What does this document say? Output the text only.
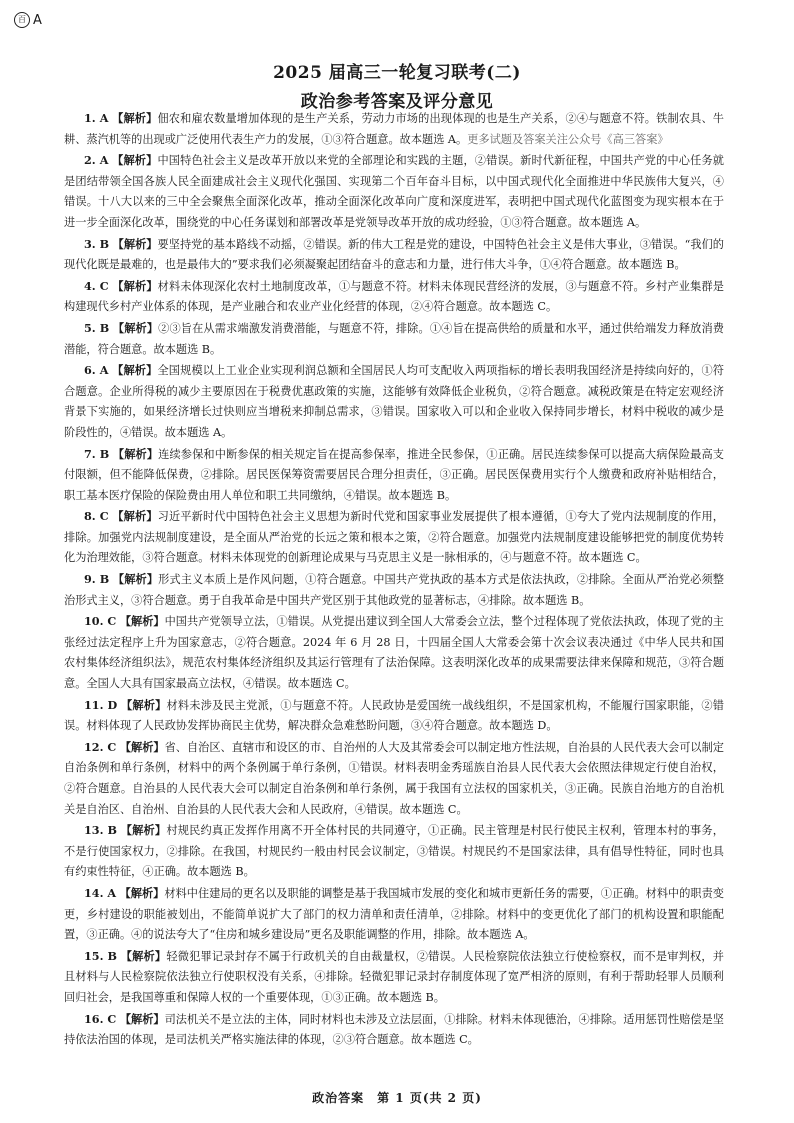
百 A

2025 届高三一轮复习联考(二)

政治参考答案及评分意见

1. A 【解析】佃农和雇农数量增加体现的是生产关系，劳动力市场的出现体现的也是生产关系，②④与题意不符。铁制农具、牛耕、蒸汽机等的出现或广泛使用代表生产力的发展，①③符合题意。故本题选 A。更多试题及答案关注公众号《高三答案》

2. A 【解析】中国特色社会主义是改革开放以来党的全部理论和实践的主题，②错误。新时代新征程，中国共产党的中心任务就是团结带领全国各族人民全面建成社会主义现代化强国、实现第二个百年奋斗目标，以中国式现代化全面推进中华民族伟大复兴，④错误。十八大以来的三中全会聚焦全面深化改革，推动全面深化改革向广度和深度进军，表明把中国式现代化蓝图变为现实根本在于进一步全面深化改革，围绕党的中心任务谋划和部署改革是党领导改革开放的成功经验，①③符合题意。故本题选 A。

3. B 【解析】要坚持党的基本路线不动摇，②错误。新的伟大工程是党的建设，中国特色社会主义是伟大事业，③错误。“我们的现代化既是最难的，也是最伟大的”要求我们必须凝聚起团结奋斗的意志和力量，进行伟大斗争，①④符合题意。故本题选 B。

4. C 【解析】材料未体现深化农村土地制度改革，①与题意不符。材料未体现民营经济的发展，③与题意不符。乡村产业集群是构建现代乡村产业体系的体现，是产业融合和农业产业化经营的体现，②④符合题意。故本题选 C。

5. B 【解析】②③旨在从需求端激发消费潜能，与题意不符，排除。①④旨在提高供给的质量和水平，通过供给端发力释放消费潜能，符合题意。故本题选 B。

6. A 【解析】全国规模以上工业企业实现利润总额和全国居民人均可支配收入两项指标的增长表明我国经济是持续向好的，①符合题意。企业所得税的减少主要原因在于税费优惠政策的实施，这能够有效降低企业税负，②符合题意。减税政策是在特定宏观经济背景下实施的，如果经济增长过快则应当增税来抑制总需求，③错误。国家收入可以和企业收入保持同步增长，材料中税收的减少是阶段性的，④错误。故本题选 A。

7. B 【解析】连续参保和中断参保的相关规定旨在提高参保率，推进全民参保，①正确。居民连续参保可以提高大病保险最高支付限额，但不能降低保费，②排除。居民医保筹资需要居民合理分担责任，③正确。居民医保费用实行个人缴费和政府补贴相结合，职工基本医疗保险的保险费由用人单位和职工共同缴纳，④错误。故本题选 B。

8. C 【解析】习近平新时代中国特色社会主义思想为新时代党和国家事业发展提供了根本遵循，①夸大了党内法规制度的作用，排除。加强党内法规制度建设，是全面从严治党的长远之策和根本之策，②符合题意。加强党内法规制度建设能够把党的制度优势转化为治理效能，③符合题意。材料未体现党的创新理论成果与马克思主义是一脉相承的，④与题意不符。故本题选 C。

9. B 【解析】形式主义本质上是作风问题，①符合题意。中国共产党执政的基本方式是依法执政，②排除。全面从严治党必须整治形式主义，③符合题意。勇于自我革命是中国共产党区别于其他政党的显著标志，④排除。故本题选 B。

10. C 【解析】中国共产党领导立法，①错误。从党提出建议到全国人大常委会立法，整个过程体现了党依法执政，体现了党的主张经过法定程序上升为国家意志，②符合题意。2024 年 6 月 28 日，十四届全国人大常委会第十次会议表决通过《中华人民共和国农村集体经济组织法》，规范农村集体经济组织及其运行管理有了法治保障。这表明深化改革的成果需要法律来保障和规范，③符合题意。全国人大具有国家最高立法权，④错误。故本题选 C。

11. D 【解析】材料未涉及民主党派，①与题意不符。人民政协是爱国统一战线组织，不是国家机构，不能履行国家职能，②错误。材料体现了人民政协发挥协商民主优势，解决群众急难愁盼问题，③④符合题意。故本题选 D。

12. C 【解析】省、自治区、直辖市和设区的市、自治州的人大及其常委会可以制定地方性法规，自治县的人民代表大会可以制定自治条例和单行条例，材料中的两个条例属于单行条例，①错误。材料表明金秀瑶族自治县人民代表大会依照法律规定行使自治权，②符合题意。自治县的人民代表大会可以制定自治条例和单行条例，属于我国有立法权的国家机关，③正确。民族自治地方的自治机关是自治区、自治州、自治县的人民代表大会和人民政府，④错误。故本题选 C。

13. B 【解析】村规民约真正发挥作用离不开全体村民的共同遵守，①正确。民主管理是村民行使民主权利，管理本村的事务，不是行使国家权力，②排除。在我国，村规民约一般由村民会议制定，③错误。村规民约不是国家法律，具有倡导性特征，同时也具有约束性特征，④正确。故本题选 B。

14. A 【解析】材料中住建局的更名以及职能的调整是基于我国城市发展的变化和城市更新任务的需要，①正确。材料中的职责变更，乡村建设的职能被划出，不能简单说扩大了部门的权力清单和责任清单，②排除。材料中的变更优化了部门的机构设置和职能配置，③正确。④的说法夸大了“住房和城乡建设局”更名及职能调整的作用，排除。故本题选 A。

15. B 【解析】轻微犯罪记录封存不属于行政机关的自由裁量权，②错误。人民检察院依法独立行使检察权，而不是审判权，并且材料与人民检察院依法独立行使职权没有关系，④排除。轻微犯罪记录封存制度体现了宽严相济的原则，有利于帮助轻罪人员顺利回归社会，是我国尊重和保障人权的一个重要体现，①③正确。故本题选 B。

16. C 【解析】司法机关不是立法的主体，同时材料也未涉及立法层面，①排除。材料未体现德治，④排除。适用惩罚性赔偿是坚持依法治国的体现，是司法机关严格实施法律的体现，②③符合题意。故本题选 C。

政治答案　第 1 页(共 2 页)
